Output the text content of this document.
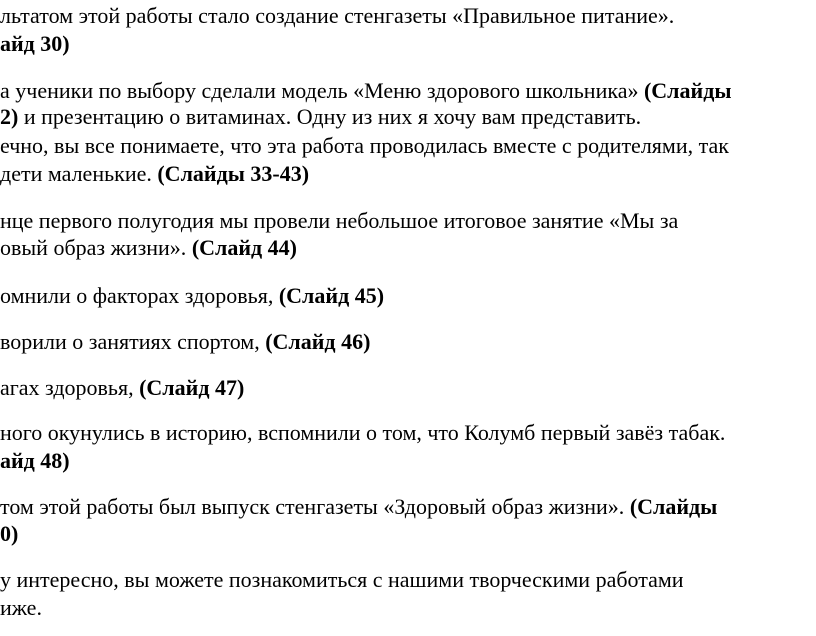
льтатом этой работы стало создание стенгазеты «Правильное питание».
айд 30)
а ученики по выбору сделали модель «Меню здорового школьника» (Слайды
2) и презентацию о витаминах. Одну из них я хочу вам представить.
ечно, вы все понимаете, что эта работа проводилась вместе с родителями, так
дети маленькие. (Слайды 33-43)
нце первого полугодия мы провели небольшое итоговое занятие «Мы за
овый образ жизни». (Слайд 44)
омнили о факторах здоровья, (Слайд 45)
ворили о занятиях спортом, (Слайд 46)
агах здоровья, (Слайд 47)
ного окунулись в историю, вспомнили о том, что Колумб первый завёз табак.
айд 48)
том этой работы был выпуск стенгазеты «Здоровый образ жизни». (Слайды
0)
у интересно, вы можете познакомиться с нашими творческими работами
иже.
